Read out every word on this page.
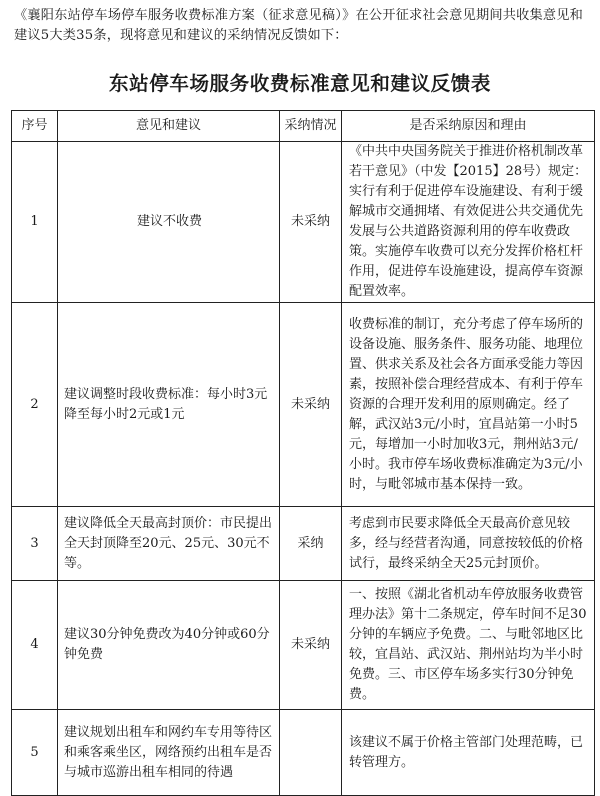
《襄阳东站停车场停车服务收费标准方案（征求意见稿）》在公开征求社会意见期间共收集意见和建议5大类35条，现将意见和建议的采纳情况反馈如下：
东站停车场服务收费标准意见和建议反馈表
序号	意见和建议	采纳情况	是否采纳原因和理由
1	建议不收费	未采纳	《中共中央国务院关于推进价格机制改革若干意见》（中发【2015】28号）规定：实行有利于促进停车设施建设、有利于缓解城市交通拥堵、有效促进公共交通优先发展与公共道路资源利用的停车收费政策。实施停车收费可以充分发挥价格杠杆作用，促进停车设施建设，提高停车资源配置效率。
2	建议调整时段收费标准：每小时3元降至每小时2元或1元	未采纳	收费标准的制订，充分考虑了停车场所的设备设施、服务条件、服务功能、地理位置、供求关系及社会各方面承受能力等因素，按照补偿合理经营成本、有利于停车资源的合理开发利用的原则确定。经了解，武汉站3元/小时，宜昌站第一小时5元，每增加一小时加收3元，荆州站3元/小时。我市停车场收费标准确定为3元/小时，与毗邻城市基本保持一致。
3	建议降低全天最高封顶价：市民提出全天封顶降至20元、25元、30元不等。	采纳	考虑到市民要求降低全天最高价意见较多，经与经营者沟通，同意按较低的价格试行，最终采纳全天25元封顶价。
4	建议30分钟免费改为40分钟或60分钟免费	未采纳	一、按照《湖北省机动车停放服务收费管理办法》第十二条规定，停车时间不足30分钟的车辆应予免费。二、与毗邻地区比较，宜昌站、武汉站、荆州站均为半小时免费。三、市区停车场多实行30分钟免费。
5	建议规划出租车和网约车专用等待区和乘客乘坐区，网络预约出租车是否与城市巡游出租车相同的待遇		该建议不属于价格主管部门处理范畴，已转管理方。
